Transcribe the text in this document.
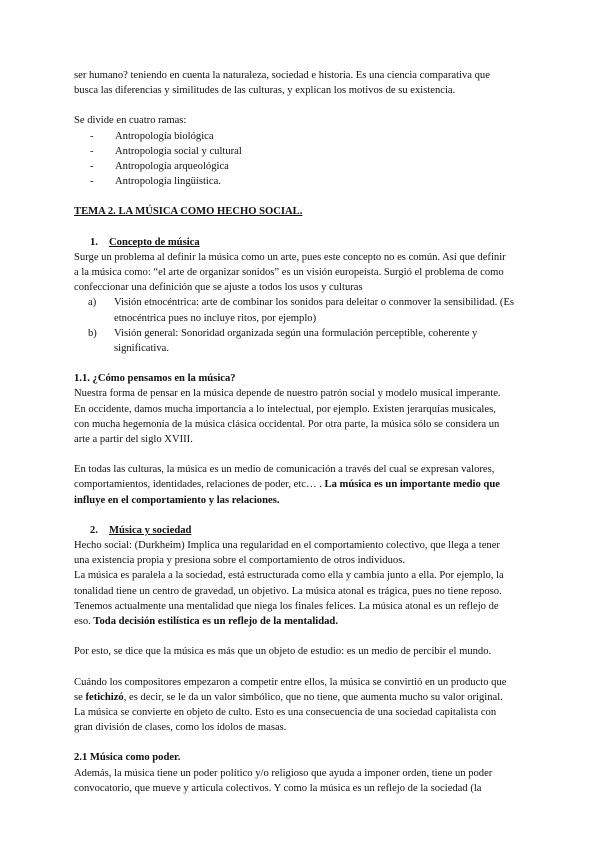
ser humano? teniendo en cuenta la naturaleza, sociedad e historia. Es una ciencia comparativa que

busca las diferencias y similitudes de las culturas, y explican los motivos de su existencia.

Se divide en cuatro ramas:

- Antropología biológica
- Antropología social y cultural
- Antropología arqueológica
- Antropología lingüística.

TEMA 2. LA MÚSICA COMO HECHO SOCIAL.

1. Concepto de música

Surge un problema al definir la música como un arte, pues este concepto no es común. Así que definir

a la música como: “el arte de organizar sonidos” es un visión europeísta. Surgió el problema de como

confeccionar una definición que se ajuste a todos los usos y culturas

a) Visión etnocéntrica: arte de combinar los sonidos para deleitar o conmover la sensibilidad. (Es
etnocéntrica pues no incluye ritos, por ejemplo)
b) Visión general: Sonoridad organizada según una formulación perceptible, coherente y
significativa.

1.1. ¿Cómo pensamos en la música?

Nuestra forma de pensar en la música depende de nuestro patrón social y modelo musical imperante.

En occidente, damos mucha importancia a lo intelectual, por ejemplo. Existen jerarquías musicales,

con mucha hegemonía de la música clásica occidental. Por otra parte, la música sólo se considera un

arte a partir del siglo XVIII.

En todas las culturas, la música es un medio de comunicación a través del cual se expresan valores,

comportamientos, identidades, relaciones de poder, etc… . La música es un importante medio que

influye en el comportamiento y las relaciones.

2. Música y sociedad

Hecho social: (Durkheim) Implica una regularidad en el comportamiento colectivo, que llega a tener

una existencia propia y presiona sobre el comportamiento de otros individuos.

La música es paralela a la sociedad, está estructurada como ella y cambia junto a ella. Por ejemplo, la

tonalidad tiene un centro de gravedad, un objetivo. La música atonal es trágica, pues no tiene reposo.

Tenemos actualmente una mentalidad que niega los finales felices. La música atonal es un reflejo de

eso. Toda decisión estilística es un reflejo de la mentalidad.

Por esto, se dice que la música es más que un objeto de estudio: es un medio de percibir el mundo.

Cuándo los compositores empezaron a competir entre ellos, la música se convirtió en un producto que

se fetichizó, es decir, se le da un valor simbólico, que no tiene, que aumenta mucho su valor original.

La música se convierte en objeto de culto. Esto es una consecuencia de una sociedad capitalista con

gran división de clases, como los ídolos de masas.

2.1 Música como poder.

Además, la música tiene un poder político y/o religioso que ayuda a imponer orden, tiene un poder

convocatorio, que mueve y articula colectivos. Y como la música es un reflejo de la sociedad (la
